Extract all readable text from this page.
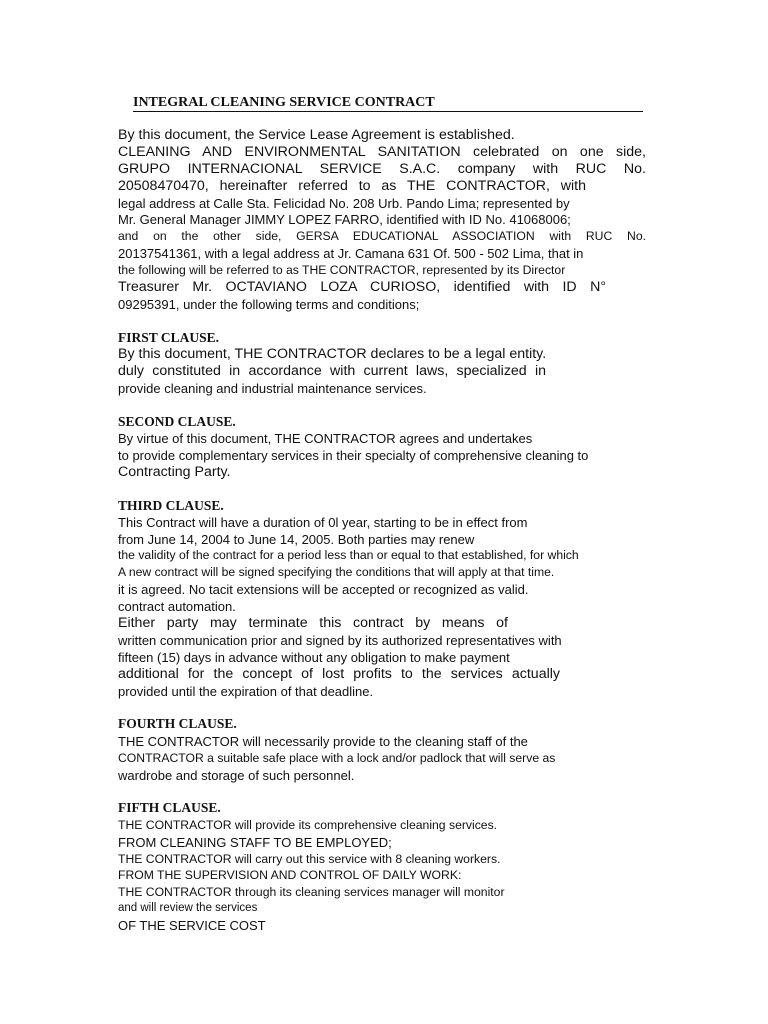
INTEGRAL CLEANING SERVICE CONTRACT
By this document, the Service Lease Agreement is established.
CLEANING AND ENVIRONMENTAL SANITATION celebrated on one side,
GRUPO INTERNACIONAL SERVICE S.A.C. company with RUC No.
20508470470, hereinafter referred to as THE CONTRACTOR, with
legal address at Calle Sta. Felicidad No. 208 Urb. Pando Lima; represented by
Mr. General Manager JIMMY LOPEZ FARRO, identified with ID No. 41068006;
and on the other side, GERSA EDUCATIONAL ASSOCIATION with RUC No.
20137541361, with a legal address at Jr. Camana 631 Of. 500 - 502 Lima, that in
the following will be referred to as THE CONTRACTOR, represented by its Director
Treasurer Mr. OCTAVIANO LOZA CURIOSO, identified with ID N°
09295391, under the following terms and conditions;
FIRST CLAUSE.
By this document, THE CONTRACTOR declares to be a legal entity.
duly constituted in accordance with current laws, specialized in
provide cleaning and industrial maintenance services.
SECOND CLAUSE.
By virtue of this document, THE CONTRACTOR agrees and undertakes
to provide complementary services in their specialty of comprehensive cleaning to
Contracting Party.
THIRD CLAUSE.
This Contract will have a duration of 0l year, starting to be in effect from
from June 14, 2004 to June 14, 2005. Both parties may renew
the validity of the contract for a period less than or equal to that established, for which
A new contract will be signed specifying the conditions that will apply at that time.
it is agreed. No tacit extensions will be accepted or recognized as valid.
contract automation.
Either party may terminate this contract by means of
written communication prior and signed by its authorized representatives with
fifteen (15) days in advance without any obligation to make payment
additional for the concept of lost profits to the services actually
provided until the expiration of that deadline.
FOURTH CLAUSE.
THE CONTRACTOR will necessarily provide to the cleaning staff of the
CONTRACTOR a suitable safe place with a lock and/or padlock that will serve as
wardrobe and storage of such personnel.
FIFTH CLAUSE.
THE CONTRACTOR will provide its comprehensive cleaning services.
FROM CLEANING STAFF TO BE EMPLOYED;
THE CONTRACTOR will carry out this service with 8 cleaning workers.
FROM THE SUPERVISION AND CONTROL OF DAILY WORK:
THE CONTRACTOR through its cleaning services manager will monitor
and will review the services
OF THE SERVICE COST
